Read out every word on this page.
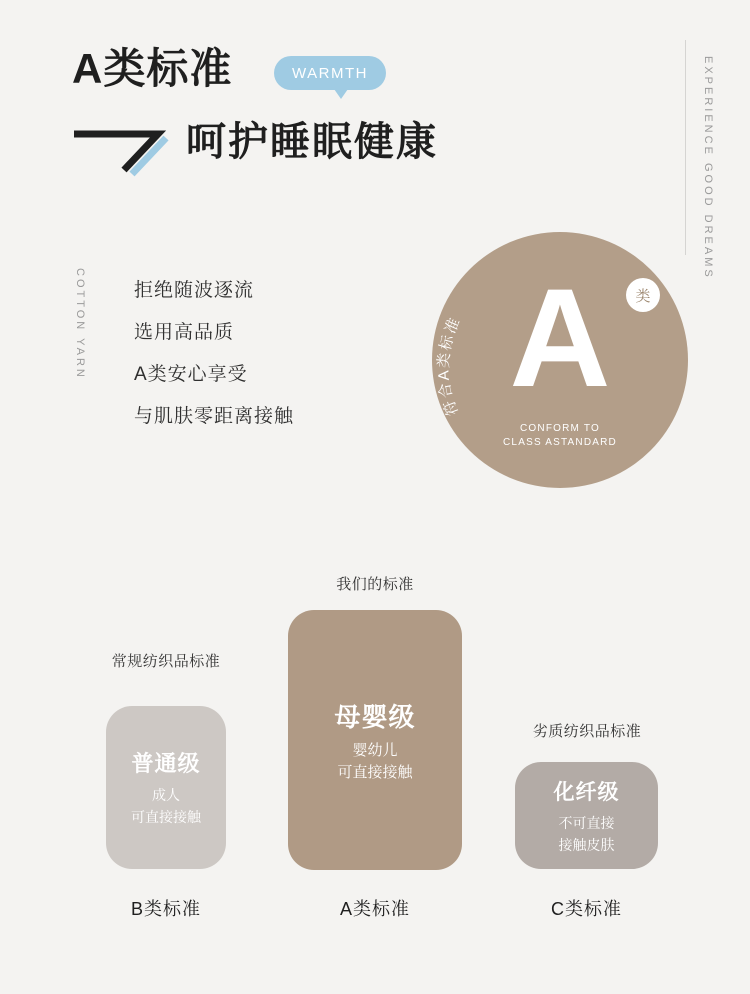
A类标准	WARMTH
呵护睡眠健康	EXPERIENCE GOOD DREAMS
COTTON YARN	拒绝随波逐流
选用高品质
A类安心享受
与肌肤零距离接触	符合A类标准 A	类
CONFORM TO
CLASS ASTANDARD
我们的标准
常规纺织品标准
劣质纺织品标准
普通级
成人
可直接接触
母婴级
婴幼儿
可直接接触
化纤级
不可直接
接触皮肤
B类标准	A类标准	C类标准
